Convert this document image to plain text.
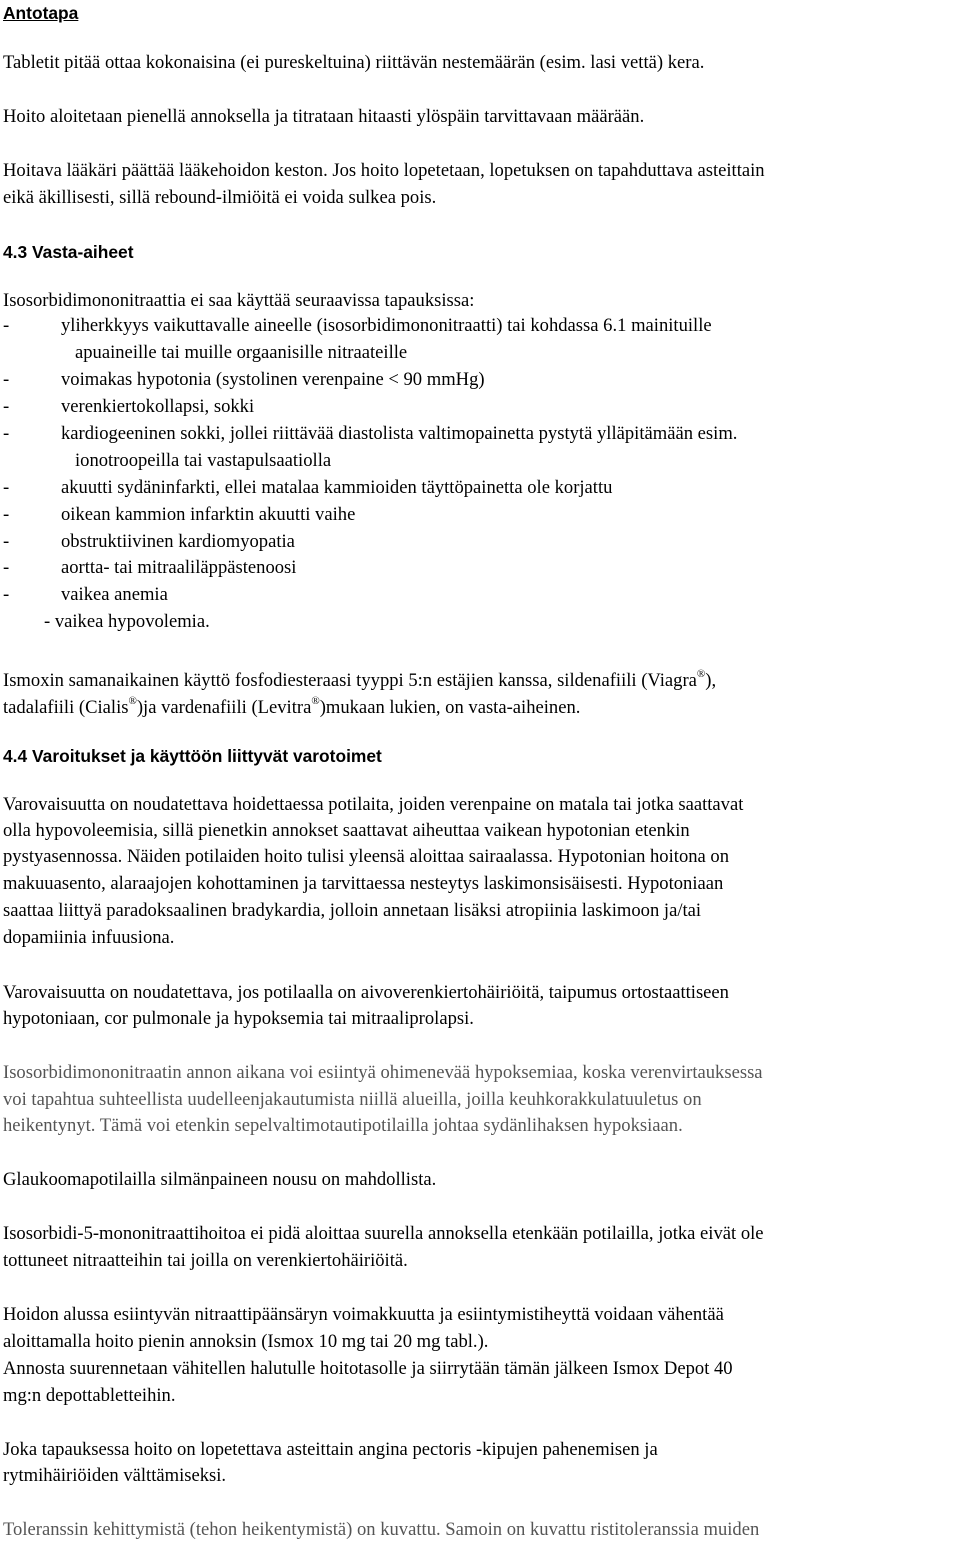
Antotapa
Tabletit pitää ottaa kokonaisina (ei pureskeltuina) riittävän nestemäärän (esim. lasi vettä) kera.
Hoito aloitetaan pienellä annoksella ja titrataan hitaasti ylöspäin tarvittavaan määrään.
Hoitava lääkäri päättää lääkehoidon keston. Jos hoito lopetetaan, lopetuksen on tapahduttava asteittain
eikä äkillisesti, sillä rebound-ilmiöitä ei voida sulkea pois.
4.3 Vasta-aiheet
Isosorbidimononitraattia ei saa käyttää seuraavissa tapauksissa:
-	yliherkkyys vaikuttavalle aineelle (isosorbidimononitraatti) tai kohdassa 6.1 mainituille
apuaineille tai muille orgaanisille nitraateille
-	voimakas hypotonia (systolinen verenpaine < 90 mmHg)
-	verenkiertokollapsi, sokki
-	kardiogeeninen sokki, jollei riittävää diastolista valtimopainetta pystytä ylläpitämään esim.
ionotroopeilla tai vastapulsaatiolla
-	akuutti sydäninfarkti, ellei matalaa kammioiden täyttöpainetta ole korjattu
-	oikean kammion infarktin akuutti vaihe
-	obstruktiivinen kardiomyopatia
-	aortta- tai mitraaliläppästenoosi
-	vaikea anemia
- vaikea hypovolemia.
Ismoxin samanaikainen käyttö fosfodiesteraasi tyyppi 5:n estäjien kanssa, sildenafiili (Viagra®),
tadalafiili (Cialis®)ja vardenafiili (Levitra®)mukaan lukien, on vasta-aiheinen.
4.4 Varoitukset ja käyttöön liittyvät varotoimet
Varovaisuutta on noudatettava hoidettaessa potilaita, joiden verenpaine on matala tai jotka saattavat
olla hypovoleemisia, sillä pienetkin annokset saattavat aiheuttaa vaikean hypotonian etenkin
pystyasennossa. Näiden potilaiden hoito tulisi yleensä aloittaa sairaalassa. Hypotonian hoitona on
makuuasento, alaraajojen kohottaminen ja tarvittaessa nesteytys laskimonsisäisesti. Hypotoniaan
saattaa liittyä paradoksaalinen bradykardia, jolloin annetaan lisäksi atropiinia laskimoon ja/tai
dopamiinia infuusiona.
Varovaisuutta on noudatettava, jos potilaalla on aivoverenkiertohäiriöitä, taipumus ortostaattiseen
hypotoniaan, cor pulmonale ja hypoksemia tai mitraaliprolapsi.
Isosorbidimononitraatin annon aikana voi esiintyä ohimenevää hypoksemiaa, koska verenvirtauksessa
voi tapahtua suhteellista uudelleenjakautumista niillä alueilla, joilla keuhkorakkulatuuletus on
heikentynyt. Tämä voi etenkin sepelvaltimotautipotilailla johtaa sydänlihaksen hypoksiaan.
Glaukoomapotilailla silmänpaineen nousu on mahdollista.
Isosorbidi-5-mononitraattihoitoa ei pidä aloittaa suurella annoksella etenkään potilailla, jotka eivät ole
tottuneet nitraatteihin tai joilla on verenkiertohäiriöitä.
Hoidon alussa esiintyvän nitraattipäänsäryn voimakkuutta ja esiintymistiheyttä voidaan vähentää
aloittamalla hoito pienin annoksin (Ismox 10 mg tai 20 mg tabl.).
Annosta suurennetaan vähitellen halutulle hoitotasolle ja siirrytään tämän jälkeen Ismox Depot 40
mg:n depottabletteihin.
Joka tapauksessa hoito on lopetettava asteittain angina pectoris -kipujen pahenemisen ja
rytmihäiriöiden välttämiseksi.
Toleranssin kehittymistä (tehon heikentymistä) on kuvattu. Samoin on kuvattu ristitoleranssia muiden
